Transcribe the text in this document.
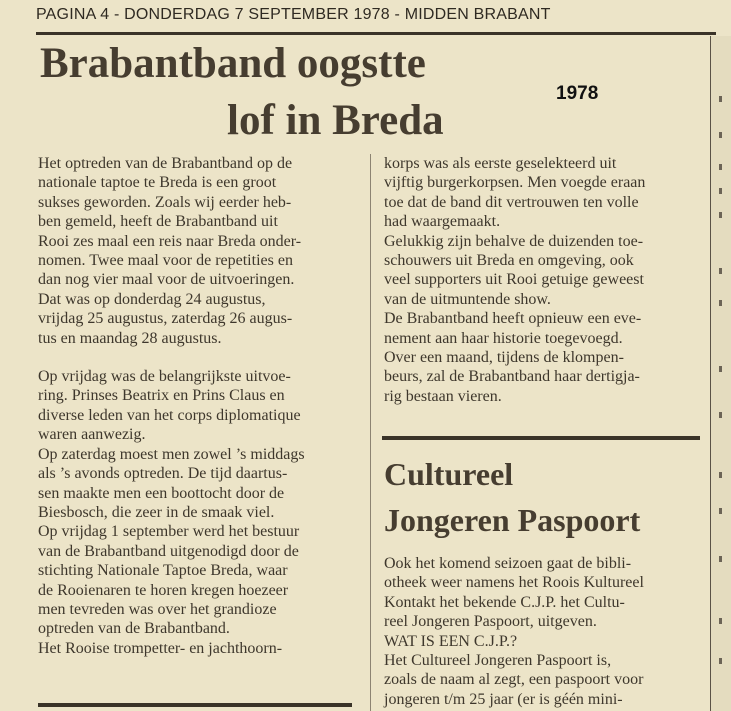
PAGINA 4 - DONDERDAG 7 SEPTEMBER 1978 - MIDDEN BRABANT
Brabantband oogstte
lof in Breda
1978

Het optreden van de Brabantband op de

nationale taptoe te Breda is een groot

sukses geworden. Zoals wij eerder heb-

ben gemeld, heeft de Brabantband uit

Rooi zes maal een reis naar Breda onder-

nomen. Twee maal voor de repetities en

dan nog vier maal voor de uitvoeringen.

Dat was op donderdag 24 augustus,

vrijdag 25 augustus, zaterdag 26 augus-

tus en maandag 28 augustus.

Op vrijdag was de belangrijkste uitvoe-

ring. Prinses Beatrix en Prins Claus en

diverse leden van het corps diplomatique

waren aanwezig.

Op zaterdag moest men zowel ’s middags

als ’s avonds optreden. De tijd daartus-

sen maakte men een boottocht door de

Biesbosch, die zeer in de smaak viel.

Op vrijdag 1 september werd het bestuur

van de Brabantband uitgenodigd door de

stichting Nationale Taptoe Breda, waar

de Rooienaren te horen kregen hoezeer

men tevreden was over het grandioze

optreden van de Brabantband.

Het Rooise trompetter- en jachthoorn-

korps was als eerste geselekteerd uit

vijftig burgerkorpsen. Men voegde eraan

toe dat de band dit vertrouwen ten volle

had waargemaakt.

Gelukkig zijn behalve de duizenden toe-

schouwers uit Breda en omgeving, ook

veel supporters uit Rooi getuige geweest

van de uitmuntende show.

De Brabantband heeft opnieuw een eve-

nement aan haar historie toegevoegd.

Over een maand, tijdens de klompen-

beurs, zal de Brabantband haar dertigja-

rig bestaan vieren.

Cultureel
Jongeren Paspoort

Ook het komend seizoen gaat de bibli-

otheek weer namens het Roois Kultureel

Kontakt het bekende C.J.P. het Cultu-

reel Jongeren Paspoort, uitgeven.

WAT IS EEN C.J.P.?

Het Cultureel Jongeren Paspoort is,

zoals de naam al zegt, een paspoort voor

jongeren t/m 25 jaar (er is géén mini-
